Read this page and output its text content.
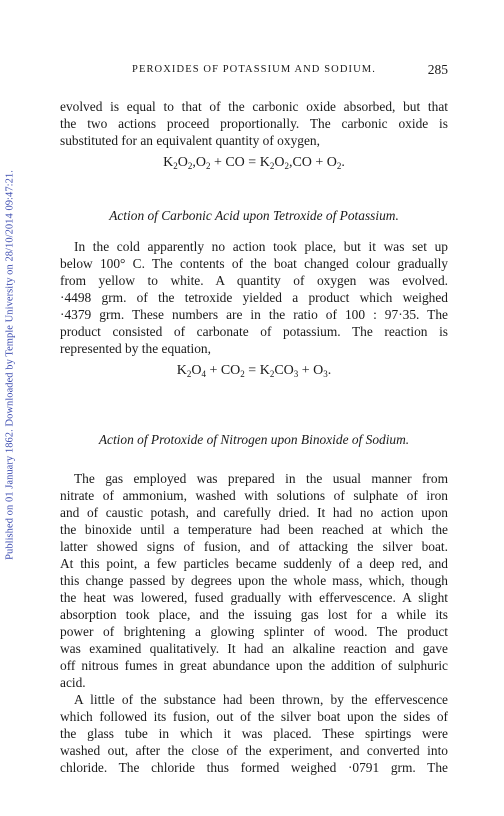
Published on 01 January 1862. Downloaded by Temple University on 28/10/2014 09:47:21.
PEROXIDES OF POTASSIUM AND SODIUM.	285
evolved is equal to that of the carbonic oxide absorbed, but that
the two actions proceed proportionally. The carbonic oxide is
substituted for an equivalent quantity of oxygen,
$K_2O_2,O_2$ + CO = $K_2O_2,CO + O_2$.
Action of Carbonic Acid upon Tetroxide of Potassium.
In the cold apparently no action took place, but it was set up
below 100° C. The contents of the boat changed colour gradually
from yellow to white. A quantity of oxygen was evolved.
·4498 grm. of the tetroxide yielded a product which weighed
·4379 grm. These numbers are in the ratio of 100 : 97·35. The
product consisted of carbonate of potassium. The reaction is
represented by the equation,
$K_2O_4 + CO_2 = K_2CO_3 + O_3$.
Action of Protoxide of Nitrogen upon Binoxide of Sodium.
The gas employed was prepared in the usual manner from
nitrate of ammonium, washed with solutions of sulphate of iron
and of caustic potash, and carefully dried. It had no action upon
the binoxide until a temperature had been reached at which the
latter showed signs of fusion, and of attacking the silver boat.
At this point, a few particles became suddenly of a deep red, and
this change passed by degrees upon the whole mass, which, though
the heat was lowered, fused gradually with effervescence. A slight
absorption took place, and the issuing gas lost for a while its
power of brightening a glowing splinter of wood. The product
was examined qualitatively. It had an alkaline reaction and gave
off nitrous fumes in great abundance upon the addition of sulphuric
acid.
A little of the substance had been thrown, by the effervescence
which followed its fusion, out of the silver boat upon the sides of
the glass tube in which it was placed. These spirtings were
washed out, after the close of the experiment, and converted into
chloride. The chloride thus formed weighed ·0791 grm. The
